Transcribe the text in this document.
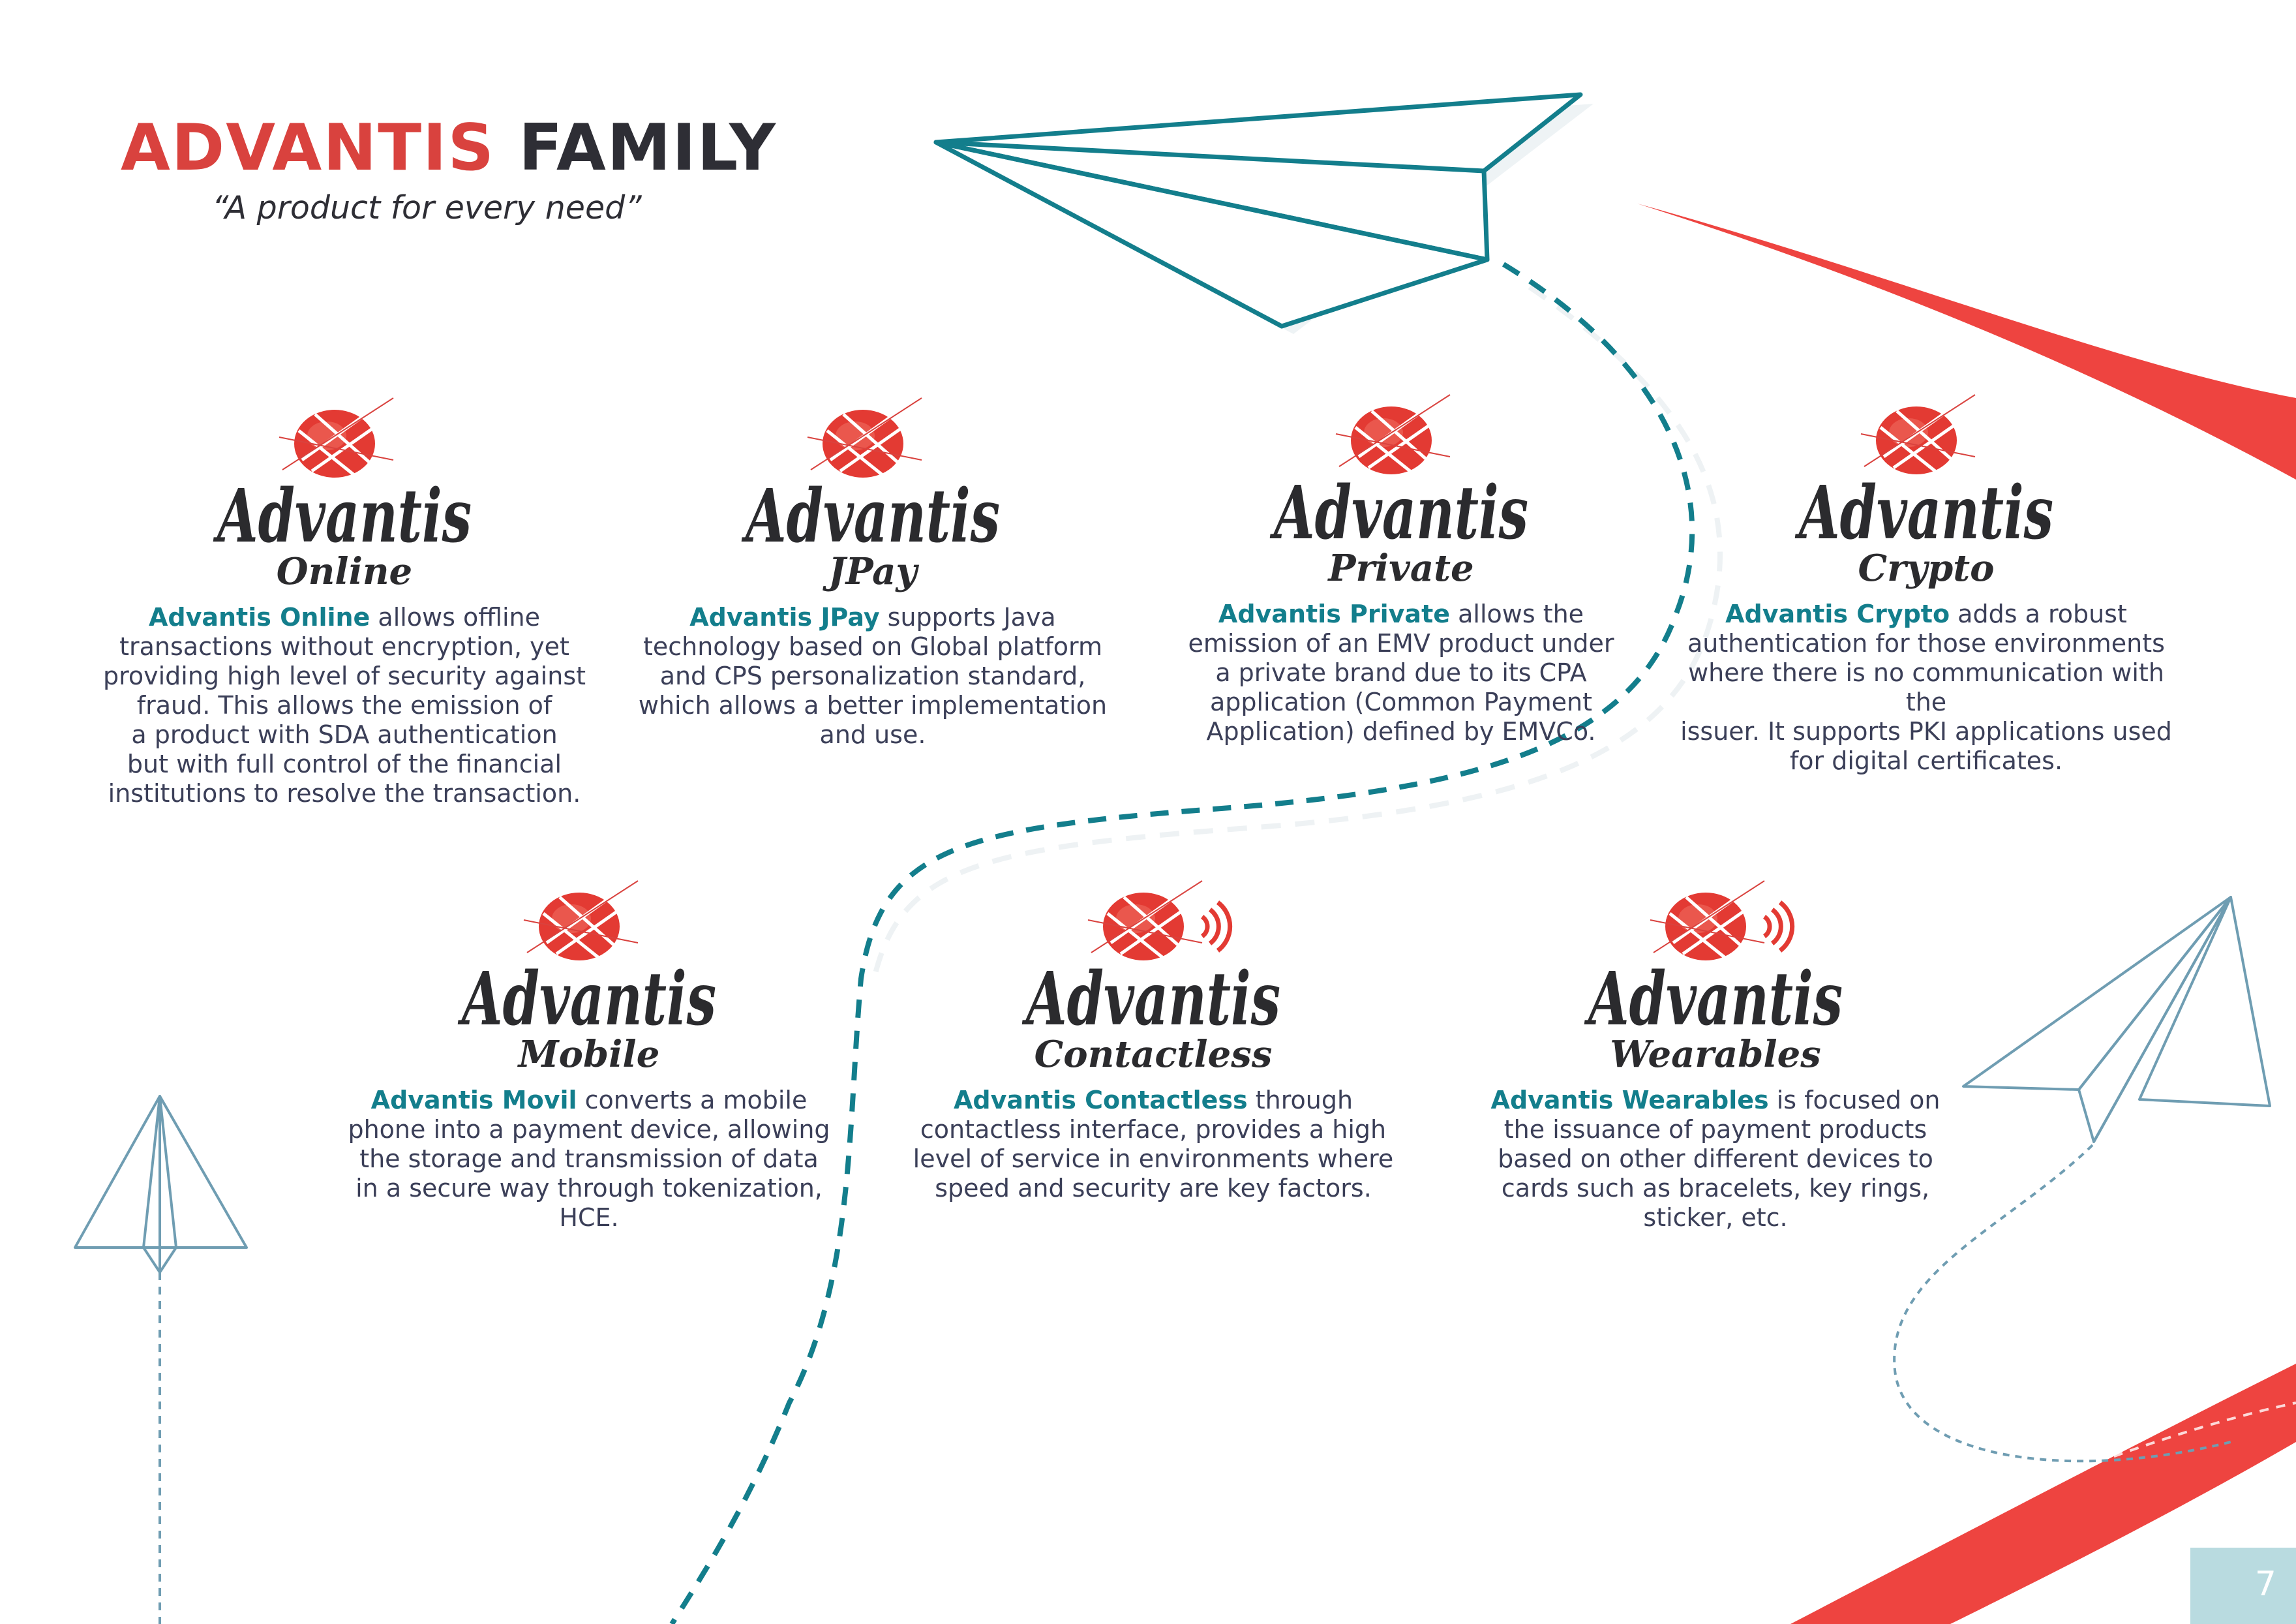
ADVANTIS FAMILY
“A product for every need”
Advantis
Online
Advantis Online allows offline
transactions without encryption, yet
providing high level of security against
fraud. This allows the emission of
a product with SDA authentication
but with full control of the financial
institutions to resolve the transaction.
Advantis
JPay
Advantis JPay supports Java
technology based on Global platform
and CPS personalization standard,
which allows a better implementation
and use.
Advantis
Private
Advantis Private allows the
emission of an EMV product under
a private brand due to its CPA
application (Common Payment
Application) defined by EMVCo.
Advantis
Crypto
Advantis Crypto adds a robust
authentication for those environments
where there is no communication with the
issuer. It supports PKI applications used
for digital certificates.
Advantis
Mobile
Advantis Movil converts a mobile
phone into a payment device, allowing
the storage and transmission of data
in a secure way through tokenization,
HCE.
Advantis
Contactless
Advantis Contactless through
contactless interface, provides a high
level of service in environments where
speed and security are key factors.
Advantis
Wearables
Advantis Wearables is focused on
the issuance of payment products
based on other different devices to
cards such as bracelets, key rings,
sticker, etc.
7
